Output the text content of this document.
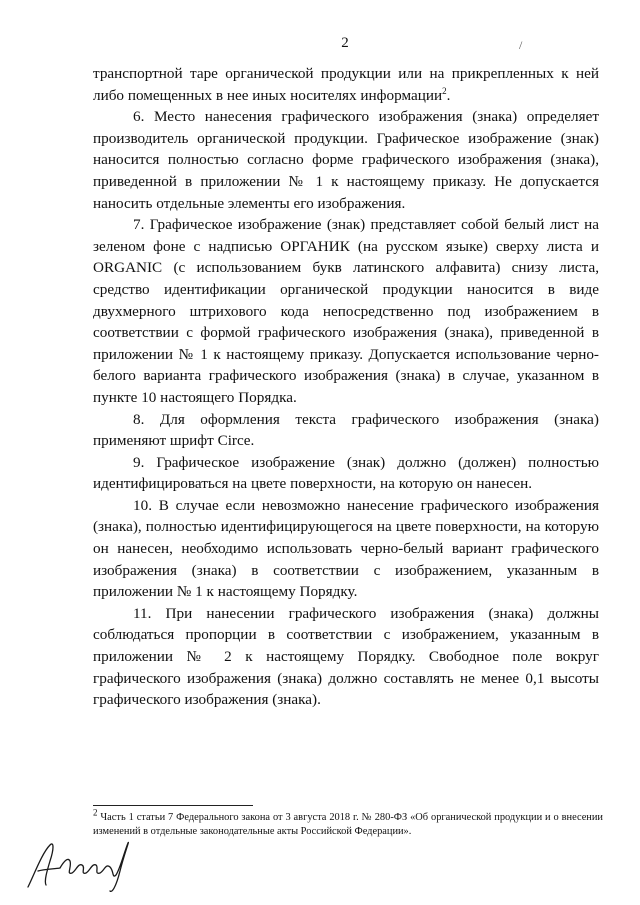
2	/

транспортной таре органической продукции или на прикрепленных к ней либо помещенных в нее иных носителях информации$^2$.

6. Место нанесения графического изображения (знака) определяет производитель органической продукции. Графическое изображение (знак) наносится полностью согласно форме графического изображения (знака), приведенной в приложении № 1 к настоящему приказу. Не допускается наносить отдельные элементы его изображения.

7. Графическое изображение (знак) представляет собой белый лист на зеленом фоне с надписью ОРГАНИК (на русском языке) сверху листа и ORGANIC (с использованием букв латинского алфавита) снизу листа, средство идентификации органической продукции наносится в виде двухмерного штрихового кода непосредственно под изображением в соответствии с формой графического изображения (знака), приведенной в приложении № 1 к настоящему приказу. Допускается использование черно-белого варианта графического изображения (знака) в случае, указанном в пункте 10 настоящего Порядка.

8. Для оформления текста графического изображения (знака) применяют шрифт Circe.

9. Графическое изображение (знак) должно (должен) полностью идентифицироваться на цвете поверхности, на которую он нанесен.

10. В случае если невозможно нанесение графического изображения (знака), полностью идентифицирующегося на цвете поверхности, на которую он нанесен, необходимо использовать черно-белый вариант графического изображения (знака) в соответствии с изображением, указанным в приложении № 1 к настоящему Порядку.

11. При нанесении графического изображения (знака) должны соблюдаться пропорции в соответствии с изображением, указанным в приложении № 2 к настоящему Порядку. Свободное поле вокруг графического изображения (знака) должно составлять не менее 0,1 высоты графического изображения (знака).

$^2$ Часть 1 статьи 7 Федерального закона от 3 августа 2018 г. № 280-ФЗ «Об органической продукции и о внесении изменений в отдельные законодательные акты Российской Федерации».
